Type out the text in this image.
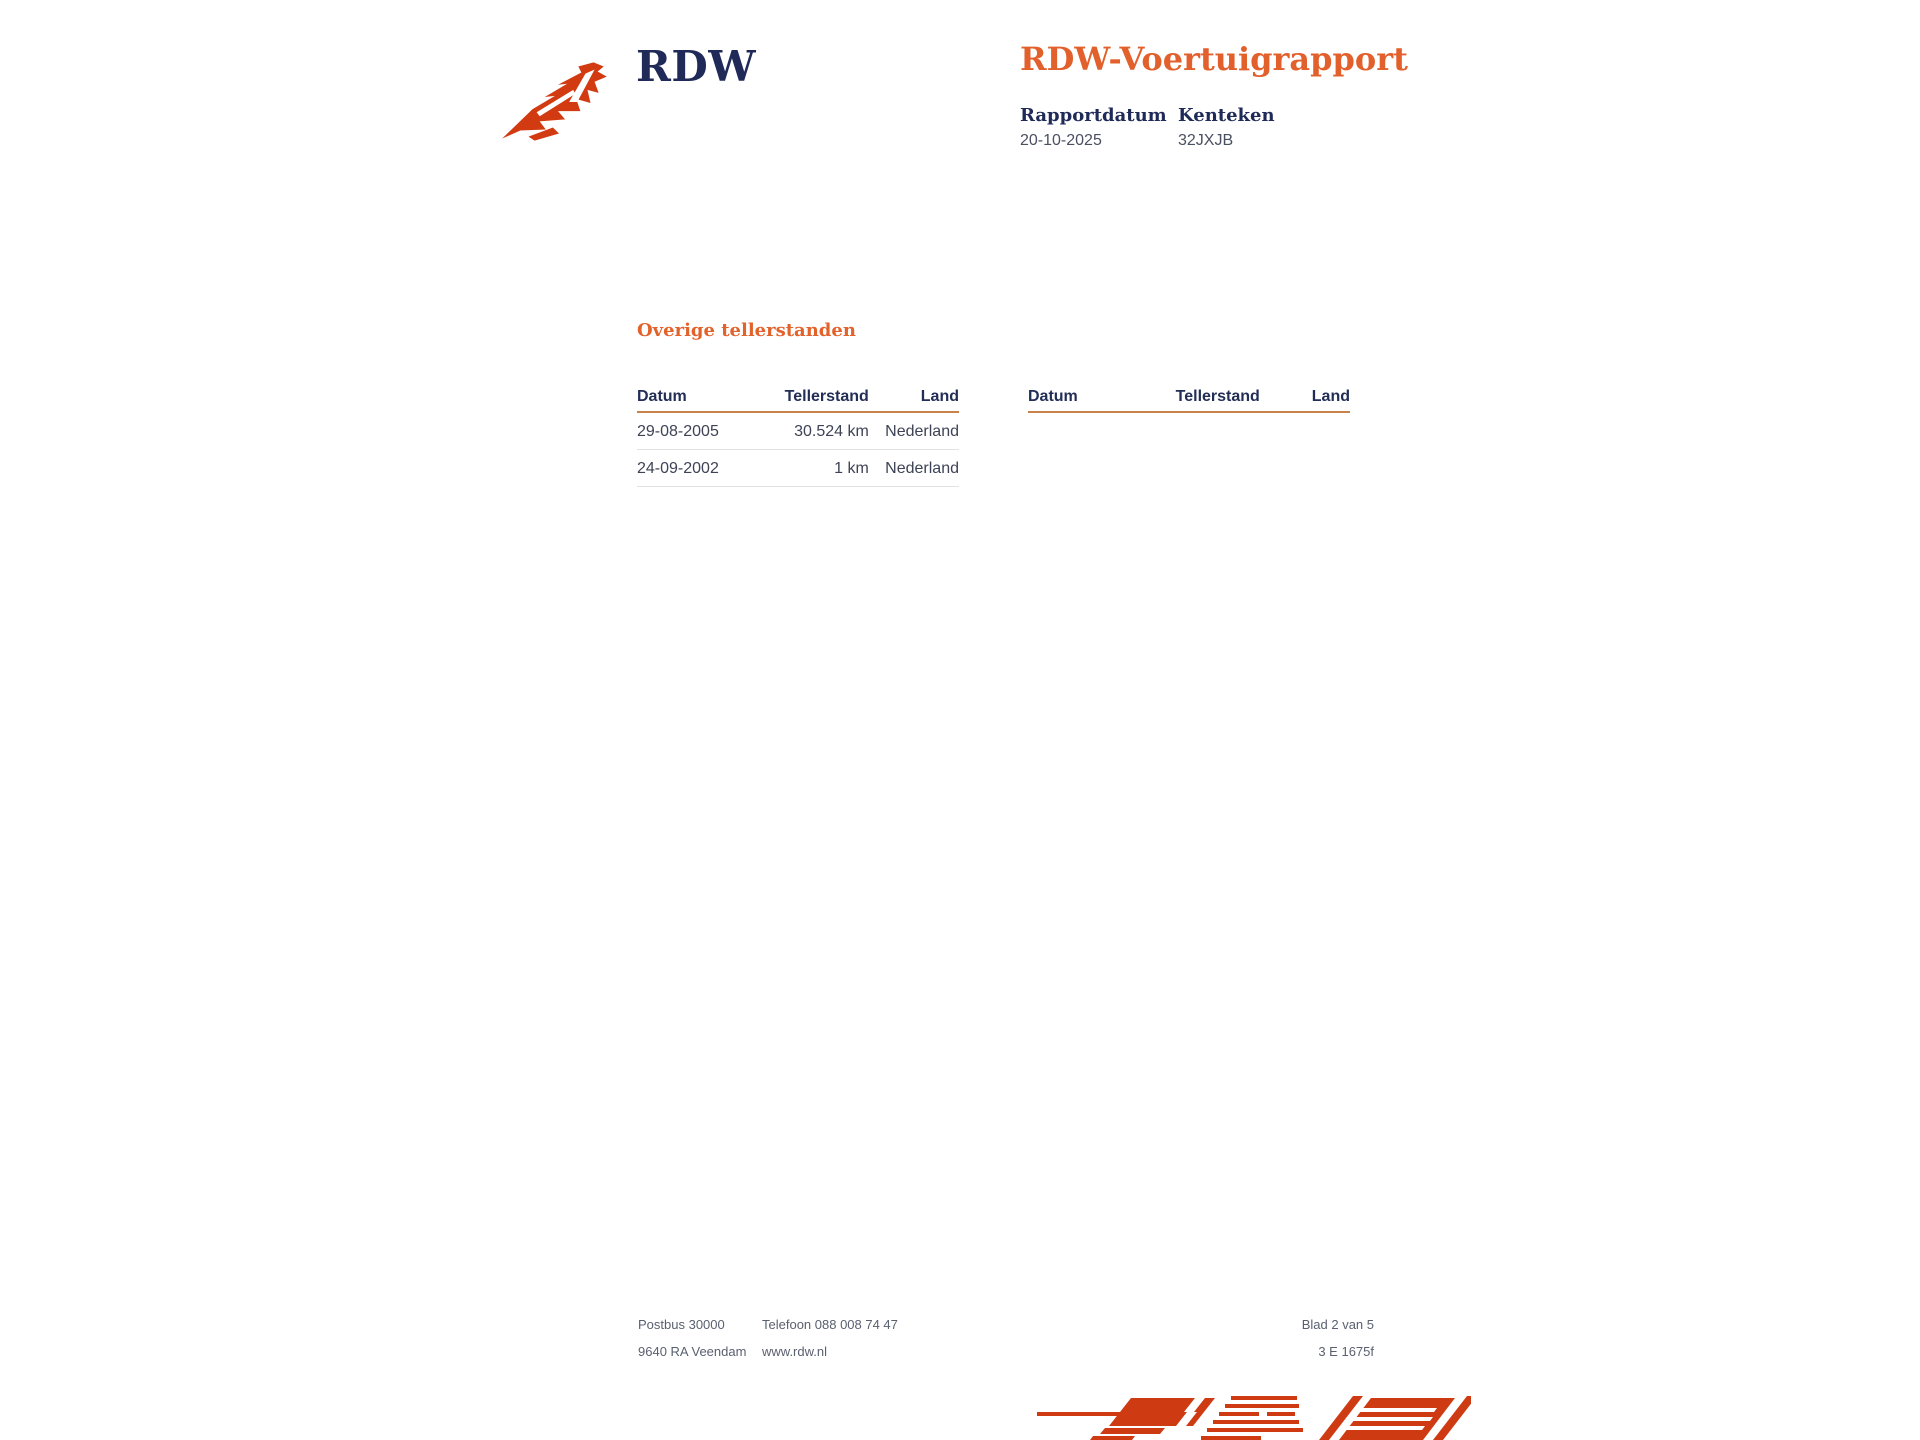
RDW	RDW-Voertuigrapport
Rapportdatum
20-10-2025
Kenteken
32JXJB
Overige tellerstanden
Datum	Tellerstand	Land
29-08-2005	30.524 km	Nederland
24-09-2002	1 km	Nederland
Datum	Tellerstand	Land
Postbus 30000
9640 RA Veendam
Telefoon 088 008 74 47
www.rdw.nl
Blad 2 van 5
3 E 1675f
